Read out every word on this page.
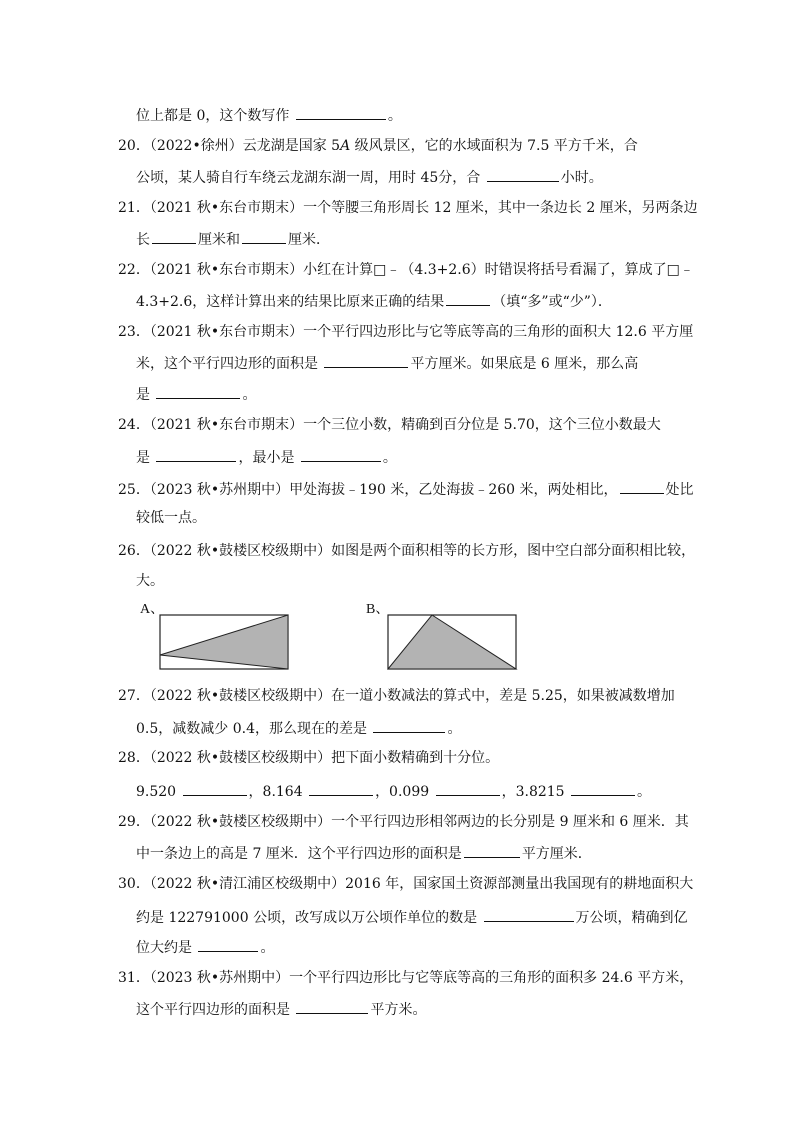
位上都是 0，这个数写作	。
20．（2022•徐州）云龙湖是国家 5A 级风景区，它的水域面积为 7.5 平方千米，合
公顷，某人骑自行车绕云龙湖东湖一周，用时 45分，合	小时。
21．（2021 秋•东台市期末）一个等腰三角形周长 12 厘米，其中一条边长 2 厘米，另两条边
长	厘米和	厘米．
22．（2021 秋•东台市期末）小红在计算□﹣（4.3+2.6）时错误将括号看漏了，算成了□﹣
4.3+2.6，这样计算出来的结果比原来正确的结果	（填“多”或“少”）．
23．（2021 秋•东台市期末）一个平行四边形比与它等底等高的三角形的面积大 12.6 平方厘
米，这个平行四边形的面积是	平方厘米。如果底是 6 厘米，那么高
是	。
24．（2021 秋•东台市期末）一个三位小数，精确到百分位是 5.70，这个三位小数最大
是	，最小是	。
25．（2023 秋•苏州期中）甲处海拔﹣190 米，乙处海拔﹣260 米，两处相比，	处比
较低一点。
26．（2022 秋•鼓楼区校级期中）如图是两个面积相等的长方形，图中空白部分面积相比较，
大。
A、	B、
27．（2022 秋•鼓楼区校级期中）在一道小数减法的算式中，差是 5.25，如果被减数增加
0.5，减数减少 0.4，那么现在的差是	。
28．（2022 秋•鼓楼区校级期中）把下面小数精确到十分位。
9.520	，8.164	，0.099	，3.8215	。
29．（2022 秋•鼓楼区校级期中）一个平行四边形相邻两边的长分别是 9 厘米和 6 厘米．其
中一条边上的高是 7 厘米．这个平行四边形的面积是	平方厘米．
30．（2022 秋•清江浦区校级期中）2016 年，国家国土资源部测量出我国现有的耕地面积大
约是 122791000 公顷，改写成以万公顷作单位的数是	万公顷，精确到亿
位大约是	。
31．（2023 秋•苏州期中）一个平行四边形比与它等底等高的三角形的面积多 24.6 平方米，
这个平行四边形的面积是	平方米。
